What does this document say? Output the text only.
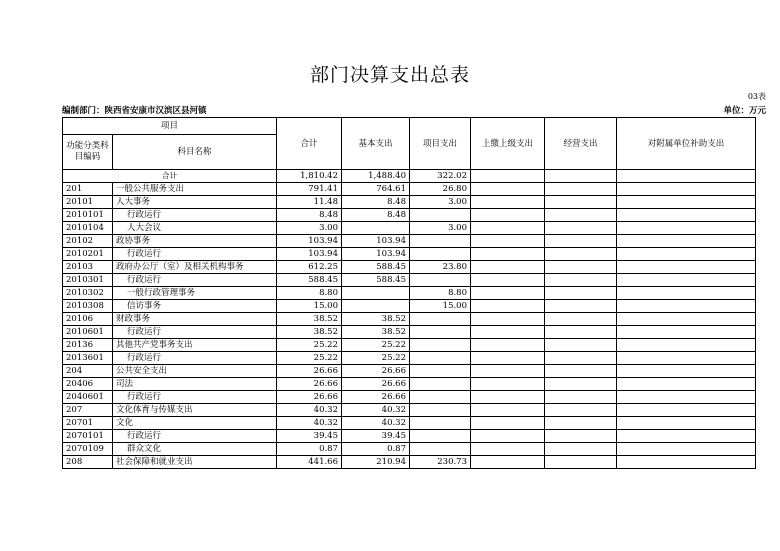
部门决算支出总表
03表
编制部门：陕西省安康市汉滨区县河镇	单位：万元
项目		合计	基本支出	项目支出	上缴上级支出	经营支出	对附属单位补助支出
功能分类科目编码	科目名称						
合计		1,810.42	1,488.40	322.02			
201	一般公共服务支出	791.41	764.61	26.80			
20101	人大事务	11.48	8.48	3.00			
2010101	行政运行	8.48	8.48				
2010104	人大会议	3.00		3.00			
20102	政协事务	103.94	103.94				
2010201	行政运行	103.94	103.94				
20103	政府办公厅（室）及相关机构事务	612.25	588.45	23.80			
2010301	行政运行	588.45	588.45				
2010302	一般行政管理事务	8.80		8.80			
2010308	信访事务	15.00		15.00			
20106	财政事务	38.52	38.52				
2010601	行政运行	38.52	38.52				
20136	其他共产党事务支出	25.22	25.22				
2013601	行政运行	25.22	25.22				
204	公共安全支出	26.66	26.66				
20406	司法	26.66	26.66				
2040601	行政运行	26.66	26.66				
207	文化体育与传媒支出	40.32	40.32				
20701	文化	40.32	40.32				
2070101	行政运行	39.45	39.45				
2070109	群众文化	0.87	0.87				
208	社会保障和就业支出	441.66	210.94	230.73			
